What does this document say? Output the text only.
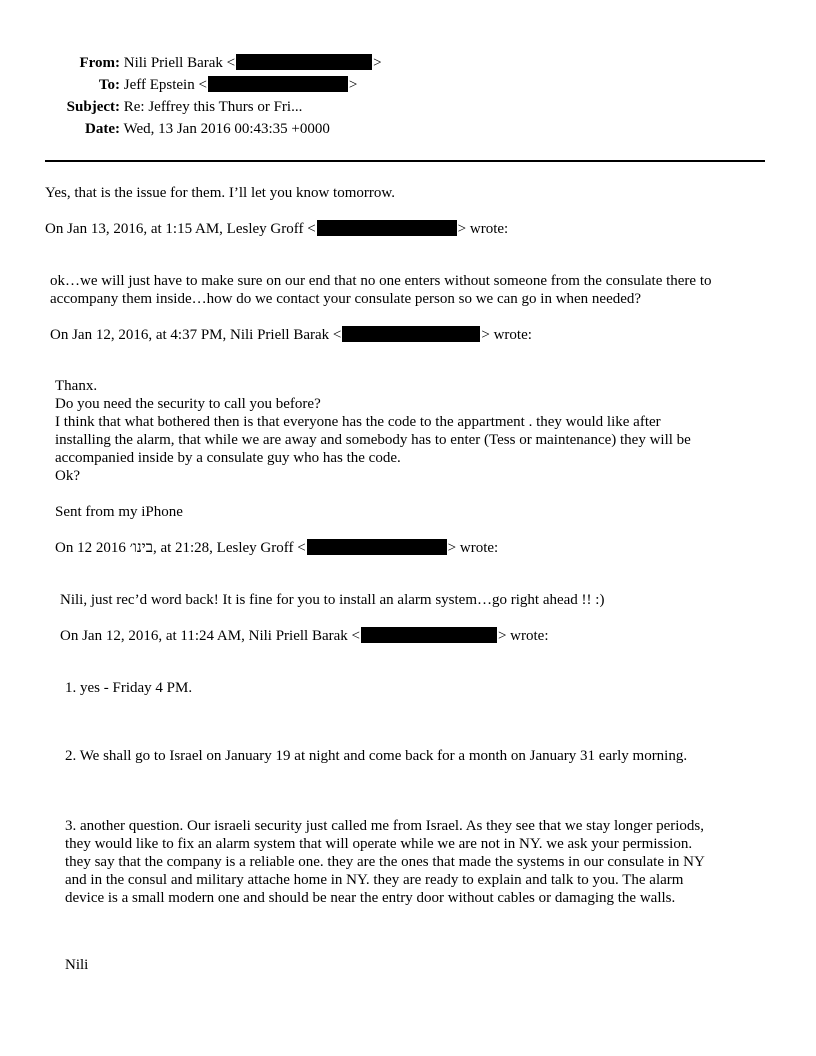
From: Nili Priell Barak <	>
To: Jeff Epstein <	>
Subject: Re: Jeffrey this Thurs or Fri...
Date: Wed, 13 Jan 2016 00:43:35 +0000
Yes, that is the issue for them. I’ll let you know tomorrow.
On Jan 13, 2016, at 1:15 AM, Lesley Groff <	> wrote:
ok…we will just have to make sure on our end that no one enters without someone from the consulate there to
accompany them inside…how do we contact your consulate person so we can go in when needed?
On Jan 12, 2016, at 4:37 PM, Nili Priell Barak <	> wrote:
Thanx.
Do you need the security to call you before?
I think that what bothered then is that everyone has the code to the appartment . they would like after
installing the alarm, that while we are away and somebody has to enter (Tess or maintenance) they will be
accompanied inside by a consulate guy who has the code.
Ok?
Sent from my iPhone
On 12 2016 ‏בינו׳‏, at 21:28, Lesley Groff <	> wrote:
Nili, just rec’d word back! It is fine for you to install an alarm system…go right ahead !! :)
On Jan 12, 2016, at 11:24 AM, Nili Priell Barak <	> wrote:
1. yes - Friday 4 PM.
2. We shall go to Israel on January 19 at night and come back for a month on January 31 early morning.
3. another question. Our israeli security just called me from Israel. As they see that we stay longer periods,
they would like to fix an alarm system that will operate while we are not in NY. we ask your permission.
they say that the company is a reliable one. they are the ones that made the systems in our consulate in NY
and in the consul and military attache home in NY. they are ready to explain and talk to you. The alarm
device is a small modern one and should be near the entry door without cables or damaging the walls.
Nili
